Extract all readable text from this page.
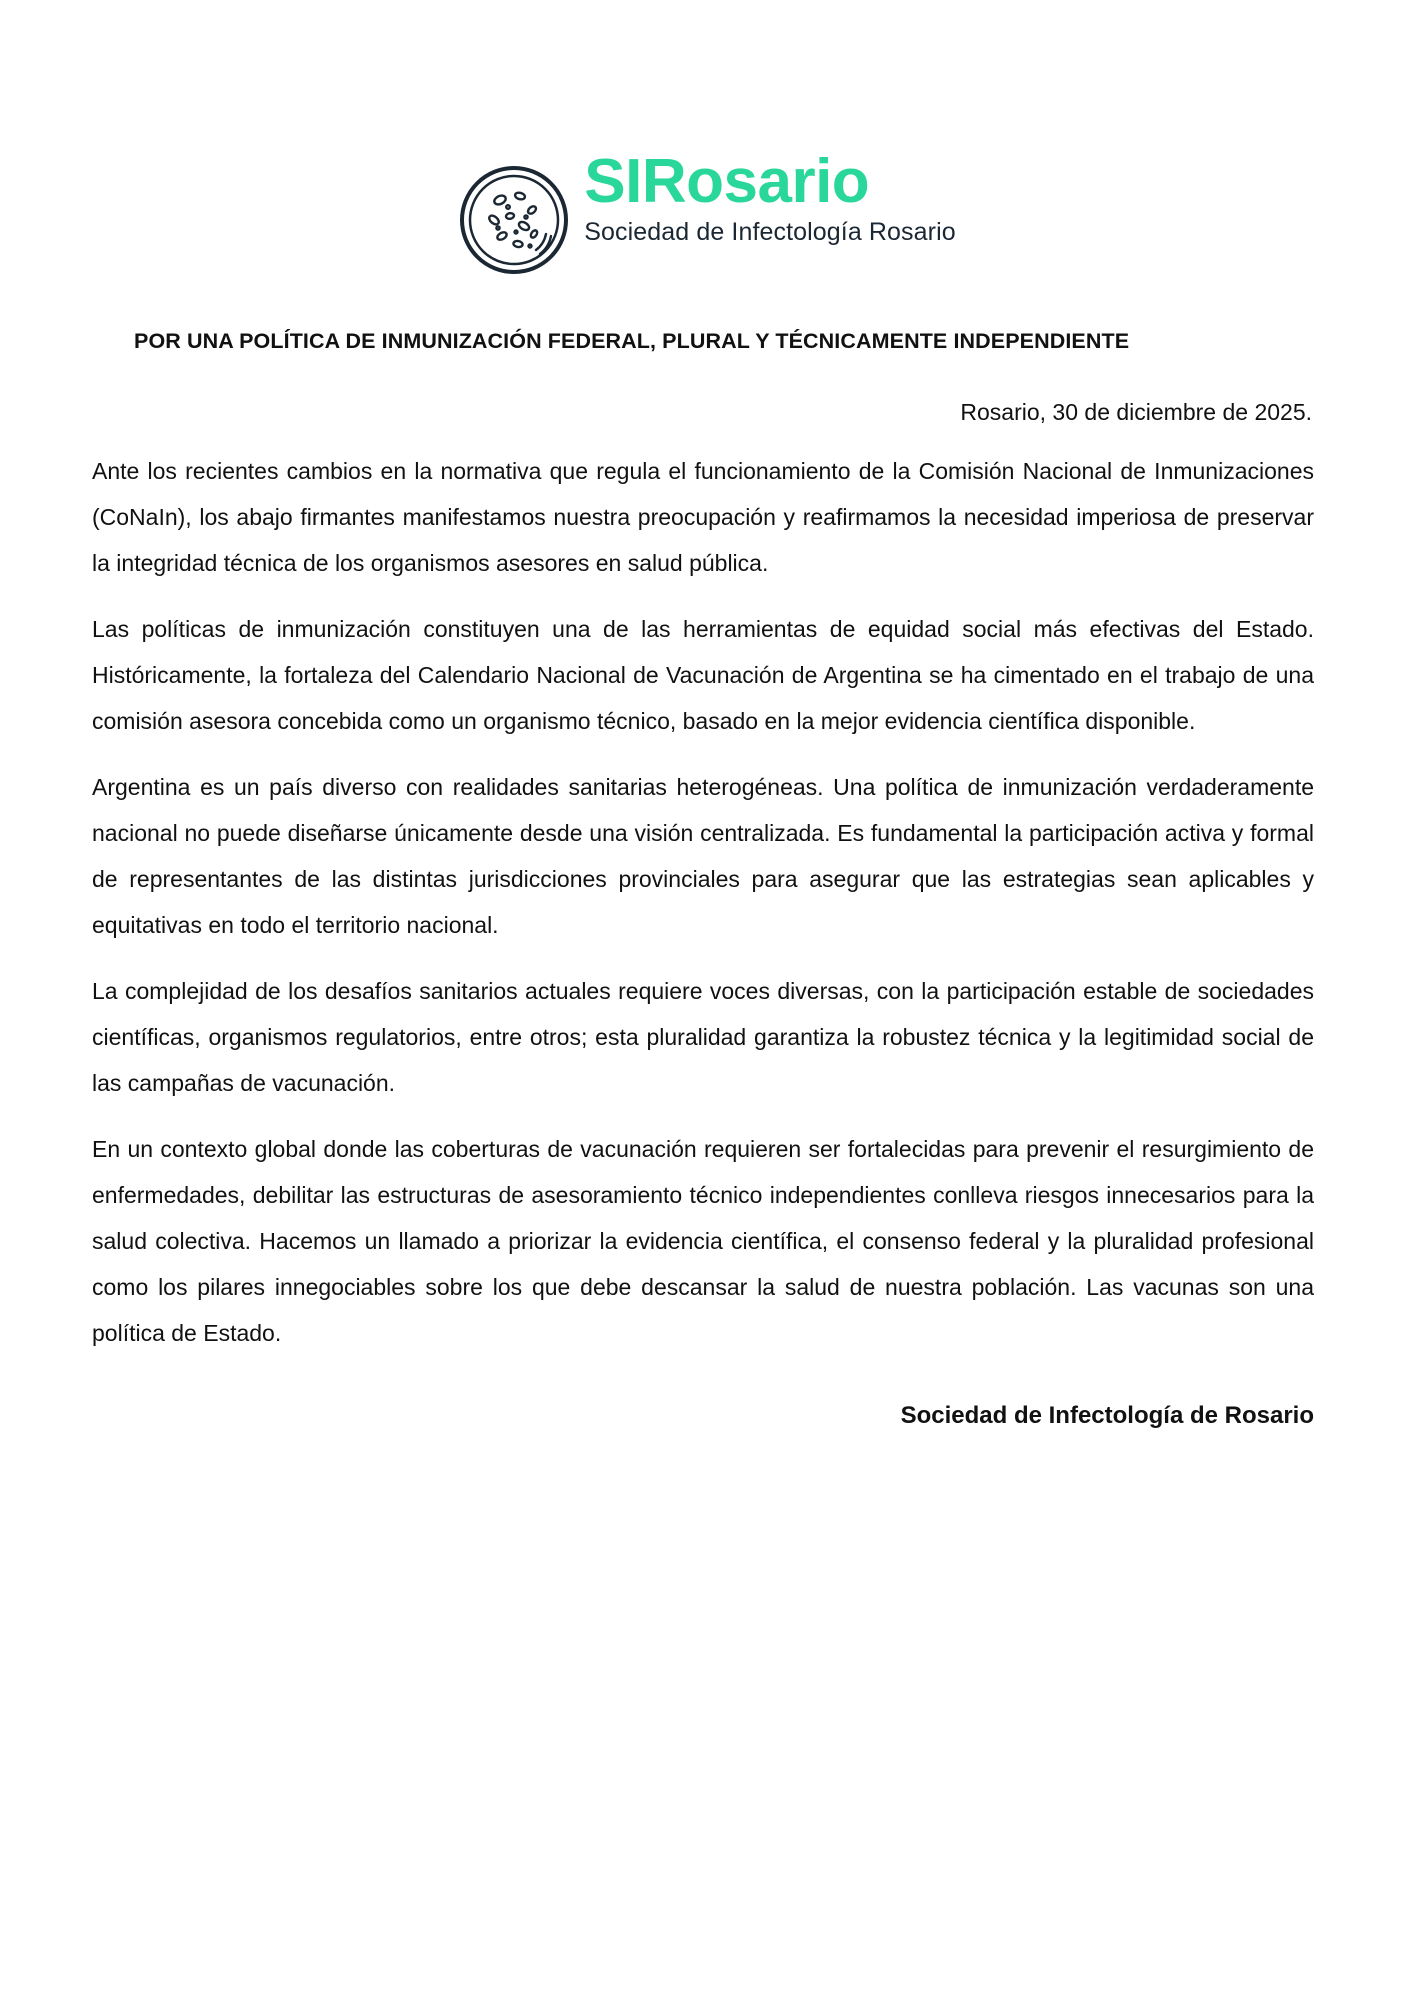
SIRosario
Sociedad de Infectología Rosario
POR UNA POLÍTICA DE INMUNIZACIÓN FEDERAL, PLURAL Y TÉCNICAMENTE INDEPENDIENTE
Rosario, 30 de diciembre de 2025.

Ante los recientes cambios en la normativa que regula el funcionamiento de la Comisión Nacional de Inmunizaciones (CoNaIn), los abajo firmantes manifestamos nuestra preocupación y reafirmamos la necesidad imperiosa de preservar la integridad técnica de los organismos asesores en salud pública.

Las políticas de inmunización constituyen una de las herramientas de equidad social más efectivas del Estado. Históricamente, la fortaleza del Calendario Nacional de Vacunación de Argentina se ha cimentado en el trabajo de una comisión asesora concebida como un organismo técnico, basado en la mejor evidencia científica disponible.

Argentina es un país diverso con realidades sanitarias heterogéneas. Una política de inmunización verdaderamente nacional no puede diseñarse únicamente desde una visión centralizada. Es fundamental la participación activa y formal de representantes de las distintas jurisdicciones provinciales para asegurar que las estrategias sean aplicables y equitativas en todo el territorio nacional.

La complejidad de los desafíos sanitarios actuales requiere voces diversas, con la participación estable de sociedades científicas, organismos regulatorios, entre otros; esta pluralidad garantiza la robustez técnica y la legitimidad social de las campañas de vacunación.

En un contexto global donde las coberturas de vacunación requieren ser fortalecidas para prevenir el resurgimiento de enfermedades, debilitar las estructuras de asesoramiento técnico independientes conlleva riesgos innecesarios para la salud colectiva. Hacemos un llamado a priorizar la evidencia científica, el consenso federal y la pluralidad profesional como los pilares innegociables sobre los que debe descansar la salud de nuestra población. Las vacunas son una política de Estado.

Sociedad de Infectología de Rosario
